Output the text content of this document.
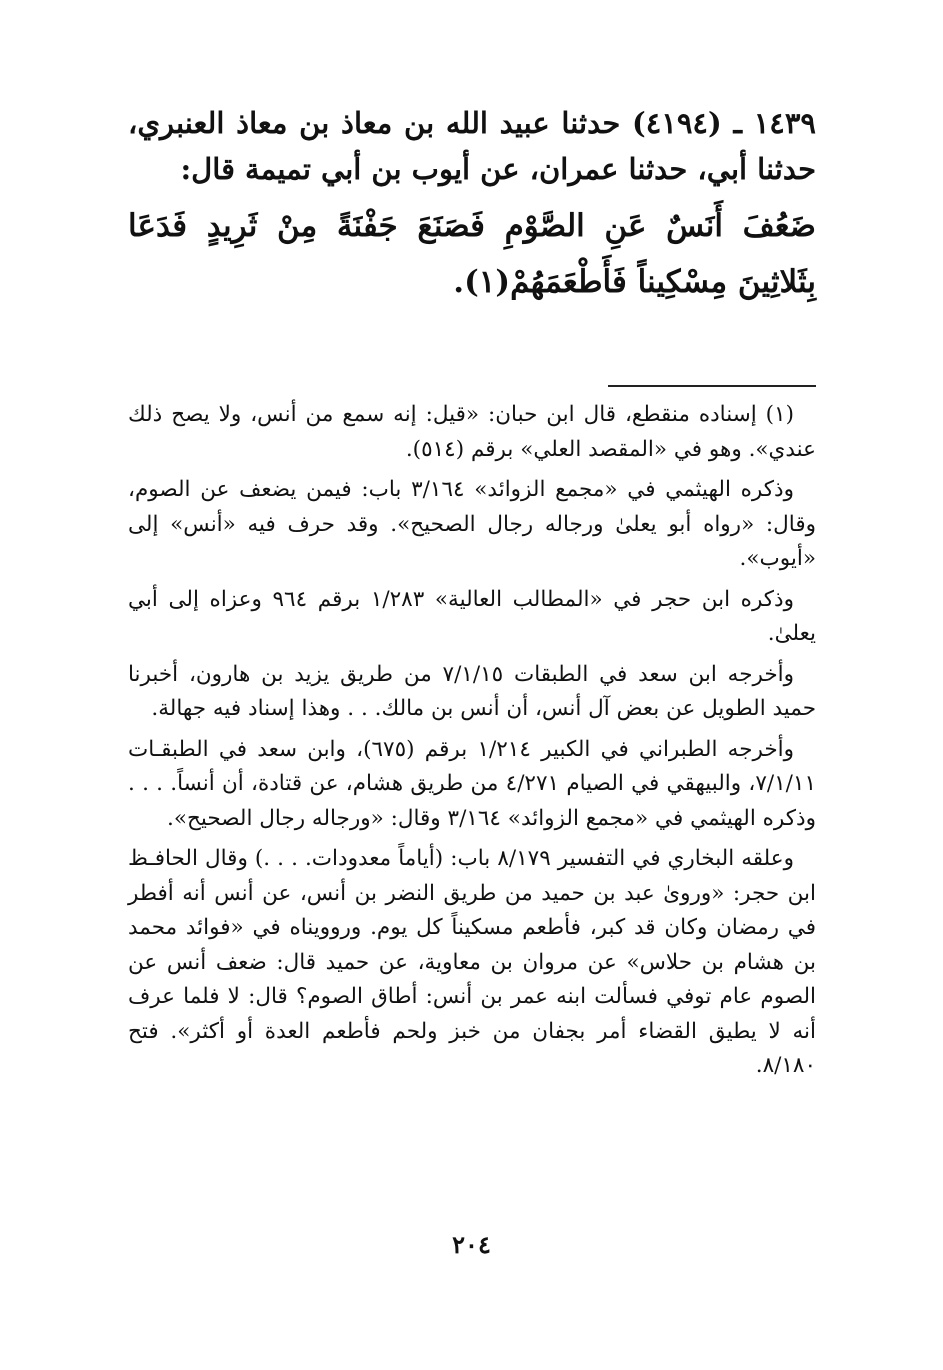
١٤٣٩ ـ (٤١٩٤) حدثنا عبيد الله بن معاذ بن معاذ العنبري، حدثنا أبي، حدثنا عمران، عن أيوب بن أبي تميمة قال:

ضَعُفَ أَنَسٌ عَنِ الصَّوْمِ فَصَنَعَ جَفْنَةً مِنْ ثَرِيدٍ فَدَعَا بِثَلاثِينَ مِسْكِيناً فَأَطْعَمَهُمْ(١).

(١) إسناده منقطع، قال ابن حبان: «قيل: إنه سمع من أنس، ولا يصح ذلك عندي». وهو في «المقصد العلي» برقم (٥١٤).

وذكره الهيثمي في «مجمع الزوائد» ٣/١٦٤ باب: فيمن يضعف عن الصوم، وقال: «رواه أبو يعلىٰ ورجاله رجال الصحيح». وقد حرف فيه «أنس» إلى «أيوب».

وذكره ابن حجر في «المطالب العالية» ١/٢٨٣ برقم ٩٦٤ وعزاه إلى أبي يعلىٰ.

وأخرجه ابن سعد في الطبقات ٧/١/١٥ من طريق يزيد بن هارون، أخبرنا حميد الطويل عن بعض آل أنس، أن أنس بن مالك. . . وهذا إسناد فيه جهالة.

وأخرجه الطبراني في الكبير ١/٢١٤ برقم (٦٧٥)، وابن سعد في الطبقـات ٧/١/١١، والبيهقي في الصيام ٤/٢٧١ من طريق هشام، عن قتادة، أن أنساً. . . . وذكره الهيثمي في «مجمع الزوائد» ٣/١٦٤ وقال: «ورجاله رجال الصحيح».

وعلقه البخاري في التفسير ٨/١٧٩ باب: (أياماً معدودات. . . .) وقال الحافـظ ابن حجر: «وروىٰ عبد بن حميد من طريق النضر بن أنس، عن أنس أنه أفطر في رمضان وكان قد كبر، فأطعم مسكيناً كل يوم. وروويناه في «فوائد محمد بن هشام بن حلاس» عن مروان بن معاوية، عن حميد قال: ضعف أنس عن الصوم عام توفي فسألت ابنه عمر بن أنس: أطاق الصوم؟ قال: لا فلما عرف أنه لا يطيق القضاء أمر بجفان من خبز ولحم فأطعم العدة أو أكثر». فتح ٨/١٨٠.

٢٠٤
